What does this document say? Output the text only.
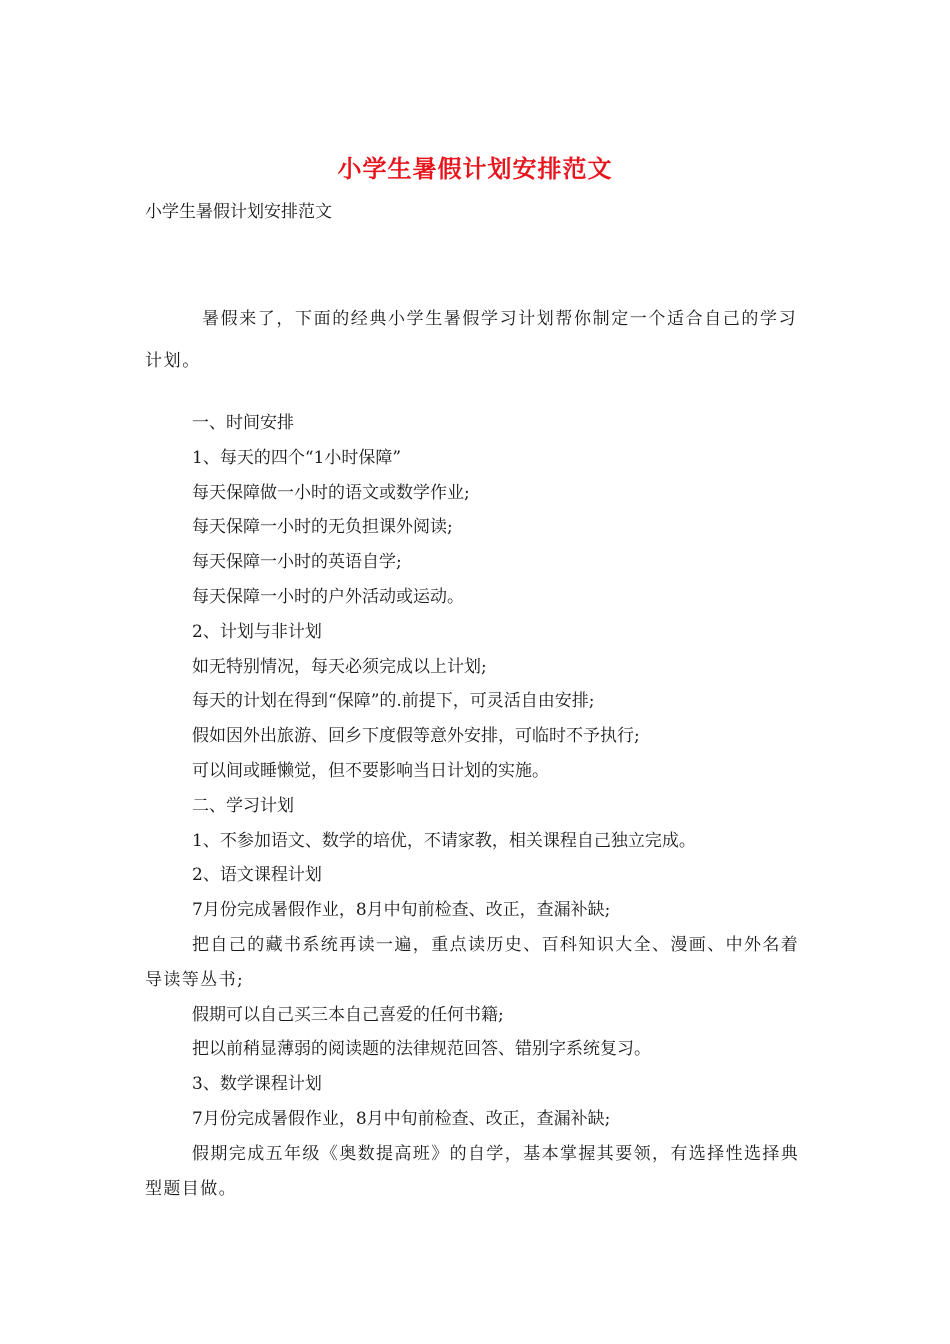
小学生暑假计划安排范文
小学生暑假计划安排范文
暑假来了，下面的经典小学生暑假学习计划帮你制定一个适合自己的学习计划。
一、时间安排
1、每天的四个“1小时保障”
每天保障做一小时的语文或数学作业;
每天保障一小时的无负担课外阅读;
每天保障一小时的英语自学;
每天保障一小时的户外活动或运动。
2、计划与非计划
如无特别情况，每天必须完成以上计划;
每天的计划在得到“保障”的.前提下，可灵活自由安排;
假如因外出旅游、回乡下度假等意外安排，可临时不予执行;
可以间或睡懒觉，但不要影响当日计划的实施。
二、学习计划
1、不参加语文、数学的培优，不请家教，相关课程自己独立完成。
2、语文课程计划
7月份完成暑假作业，8月中旬前检查、改正，查漏补缺;
把自己的藏书系统再读一遍，重点读历史、百科知识大全、漫画、中外名着导读等丛书;
假期可以自己买三本自己喜爱的任何书籍;
把以前稍显薄弱的阅读题的法律规范回答、错别字系统复习。
3、数学课程计划
7月份完成暑假作业，8月中旬前检查、改正，查漏补缺;
假期完成五年级《奥数提高班》的自学，基本掌握其要领，有选择性选择典型题目做。
